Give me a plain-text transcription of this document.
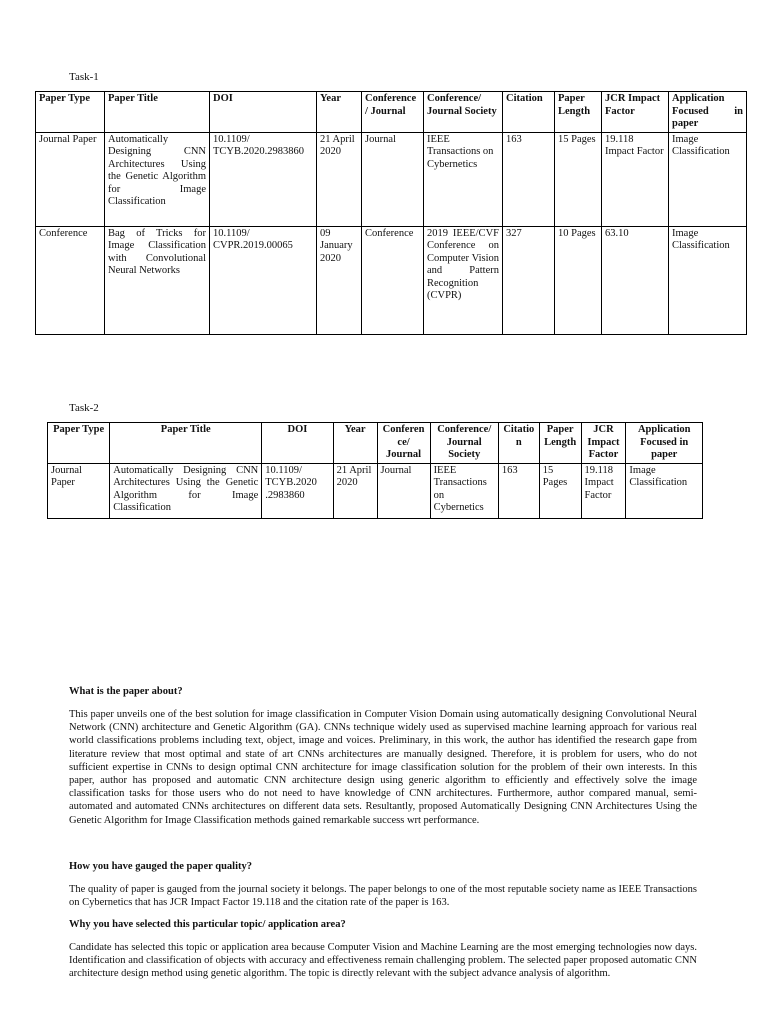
Task-1
Paper Type	Paper Title	DOI	Year	Conference / Journal	Conference/ Journal Society	Citation	Paper Length	JCR Impact Factor	Application Focused in paper
Journal Paper	Automatically Designing CNN Architectures Using the Genetic Algorithm for Image Classification	10.1109/ TCYB.2020.2983860	21 April 2020	Journal	IEEE Transactions on Cybernetics	163	15 Pages	19.118 Impact Factor	Image Classification
Conference	Bag of Tricks for Image Classification with Convolutional Neural Networks	10.1109/ CVPR.2019.00065	09 January 2020	Conference	2019 IEEE/CVF Conference on Computer Vision and Pattern Recognition (CVPR)	327	10 Pages	63.10	Image Classification
Task-2
Paper Type	Paper Title	DOI	Year	Conference/ Journal	Conference/ Journal Society	Citation	Paper Length	JCR Impact Factor	Application Focused in paper
Journal Paper	Automatically Designing CNN Architectures Using the Genetic Algorithm for Image Classification	10.1109/ TCYB.2020 .2983860	21 April 2020	Journal	IEEE Transactions on Cybernetics	163	15 Pages	19.118 Impact Factor	Image Classification
What is the paper about?
This paper unveils one of the best solution for image classification in Computer Vision Domain using automatically designing Convolutional Neural Network (CNN) architecture and Genetic Algorithm (GA). CNNs technique widely used as supervised machine learning approach for various real world classifications problems including text, object, image and voices. Preliminary, in this work, the author has identified the research gape from literature review that most optimal and state of art CNNs architectures are manually designed. Therefore, it is problem for users, who do not sufficient expertise in CNNs to design optimal CNN architecture for image classification solution for the problem of their own interests. In this paper, author has proposed and automatic CNN architecture design using generic algorithm to efficiently and effectively solve the image classification tasks for those users who do not need to have knowledge of CNN architectures. Furthermore, author compared manual, semi-automated and automated CNNs architectures on different data sets. Resultantly, proposed Automatically Designing CNN Architectures Using the Genetic Algorithm for Image Classification methods gained remarkable success wrt performance.
How you have gauged the paper quality?
The quality of paper is gauged from the journal society it belongs. The paper belongs to one of the most reputable society name as IEEE Transactions on Cybernetics that has JCR Impact Factor 19.118 and the citation rate of the paper is 163.
Why you have selected this particular topic/ application area?
Candidate has selected this topic or application area because Computer Vision and Machine Learning are the most emerging technologies now days. Identification and classification of objects with accuracy and effectiveness remain challenging problem. The selected paper proposed automatic CNN architecture design method using genetic algorithm. The topic is directly relevant with the subject advance analysis of algorithm.
